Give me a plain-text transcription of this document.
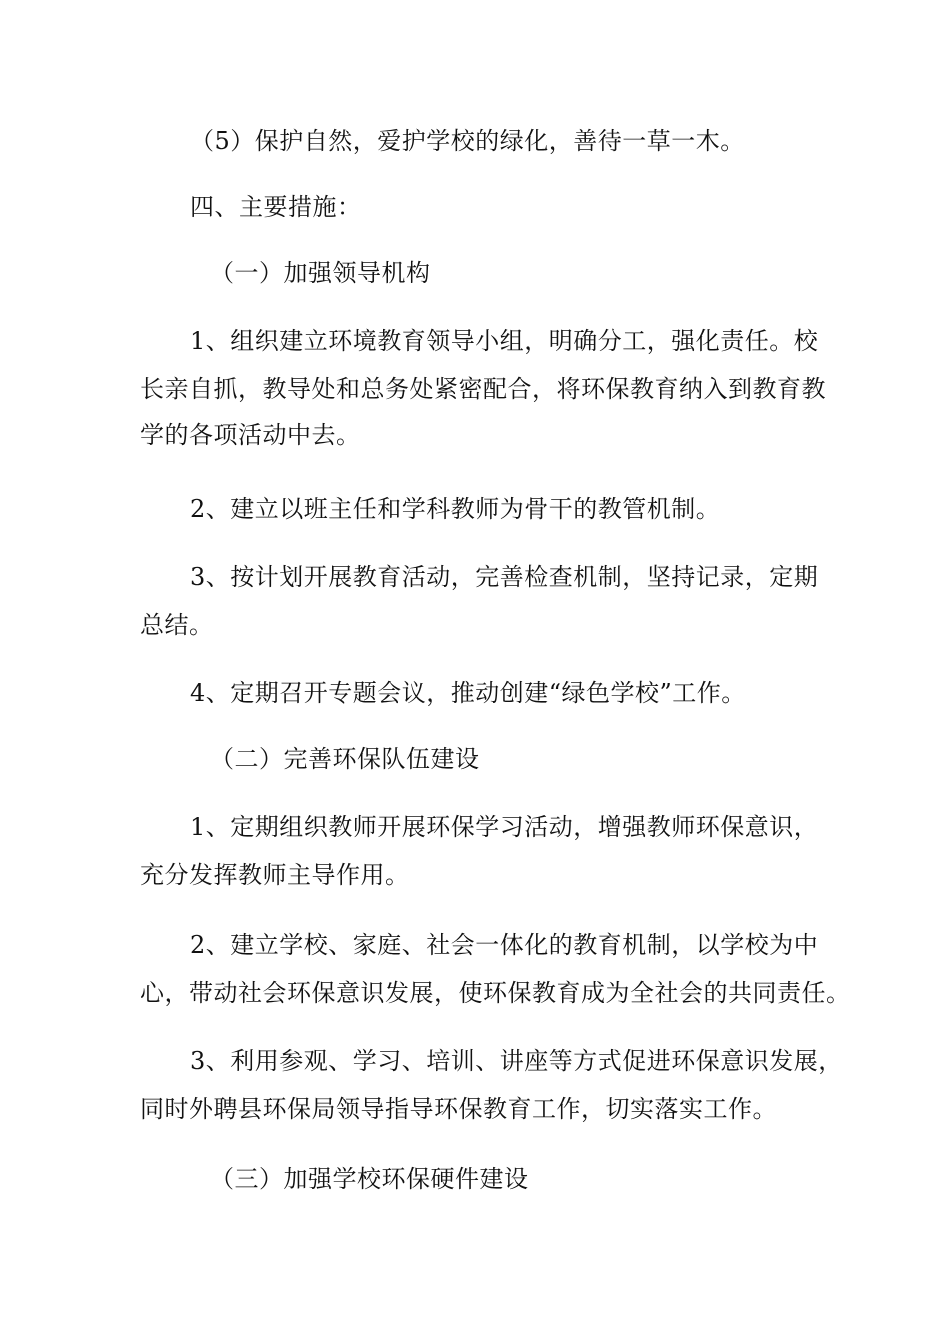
（5）保护自然，爱护学校的绿化，善待一草一木。
四、主要措施：
（一）加强领导机构
1、组织建立环境教育领导小组，明确分工，强化责任。校
长亲自抓，教导处和总务处紧密配合，将环保教育纳入到教育教
学的各项活动中去。
2、建立以班主任和学科教师为骨干的教管机制。
3、按计划开展教育活动，完善检查机制，坚持记录，定期
总结。
4、定期召开专题会议，推动创建“绿色学校”工作。
（二）完善环保队伍建设
1、定期组织教师开展环保学习活动，增强教师环保意识，
充分发挥教师主导作用。
2、建立学校、家庭、社会一体化的教育机制，以学校为中
心，带动社会环保意识发展，使环保教育成为全社会的共同责任。
3、利用参观、学习、培训、讲座等方式促进环保意识发展，
同时外聘县环保局领导指导环保教育工作，切实落实工作。
（三）加强学校环保硬件建设
